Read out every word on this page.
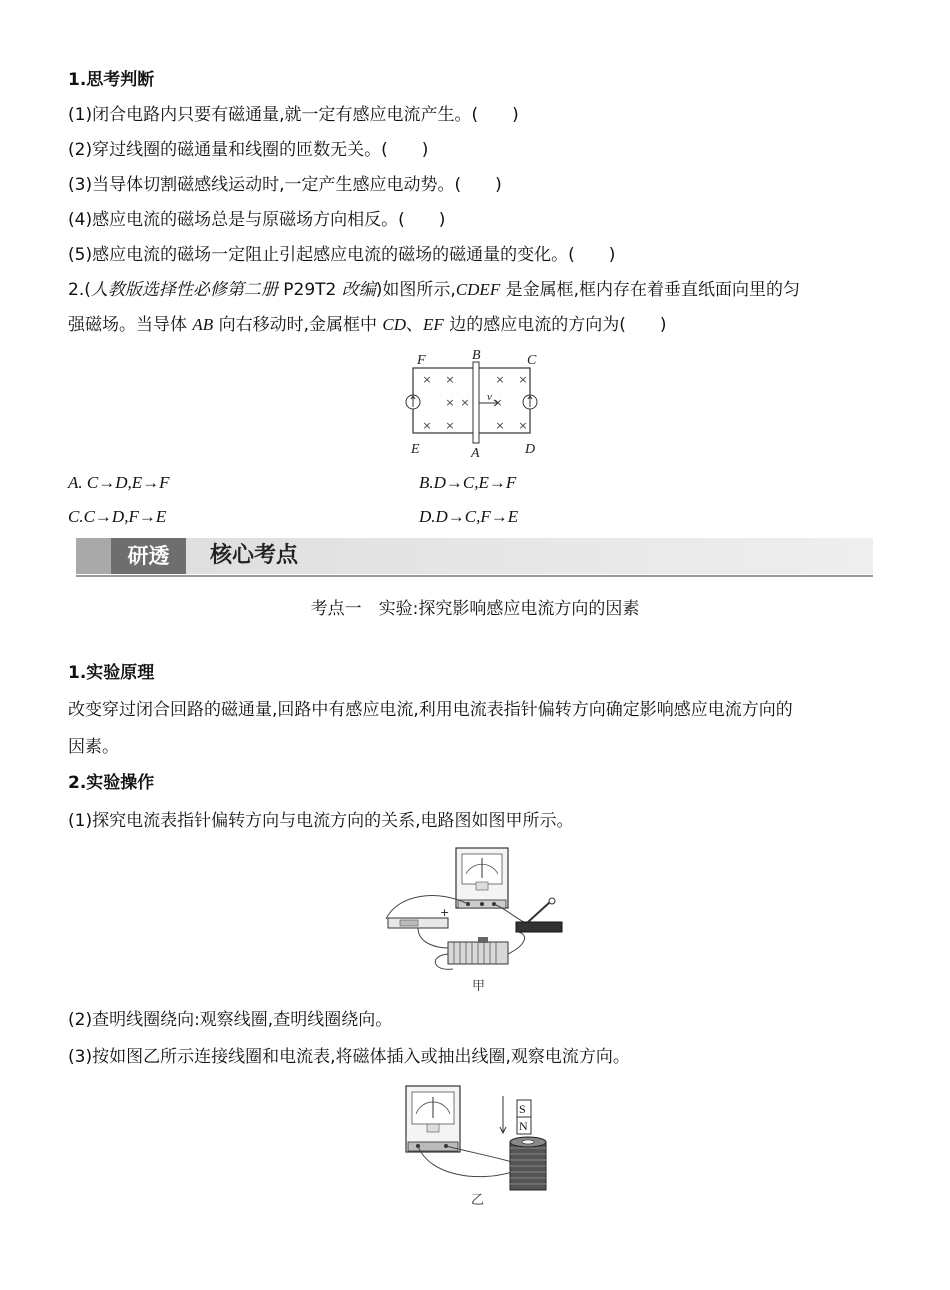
1.思考判断
(1)闭合电路内只要有磁通量,就一定有感应电流产生。(　　)
(2)穿过线圈的磁通量和线圈的匝数无关。(　　)
(3)当导体切割磁感线运动时,一定产生感应电动势。(　　)
(4)感应电流的磁场总是与原磁场方向相反。(　　)
(5)感应电流的磁场一定阻止引起感应电流的磁场的磁通量的变化。(　　)
2.(人教版选择性必修第二册 P29T2 改编)如图所示,CDEF 是金属框,框内存在着垂直纸面向里的匀
强磁场。当导体 AB 向右移动时,金属框中 CD、EF 边的感应电流的方向为(　　)
× ×	× ×
× × ×
× ×	× ×
F	B	C
E	A	D
v
A. C→D,E→F	B.D→C,E→F
C.C→D,F→E	D.D→C,F→E
研透	核心考点
考点一　实验:探究影响感应电流方向的因素
1.实验原理
改变穿过闭合回路的磁通量,回路中有感应电流,利用电流表指针偏转方向确定影响感应电流方向的
因素。
2.实验操作
(1)探究电流表指针偏转方向与电流方向的关系,电路图如图甲所示。
+
甲
(2)查明线圈绕向:观察线圈,查明线圈绕向。
(3)按如图乙所示连接线圈和电流表,将磁体插入或抽出线圈,观察电流方向。
S
N
乙
